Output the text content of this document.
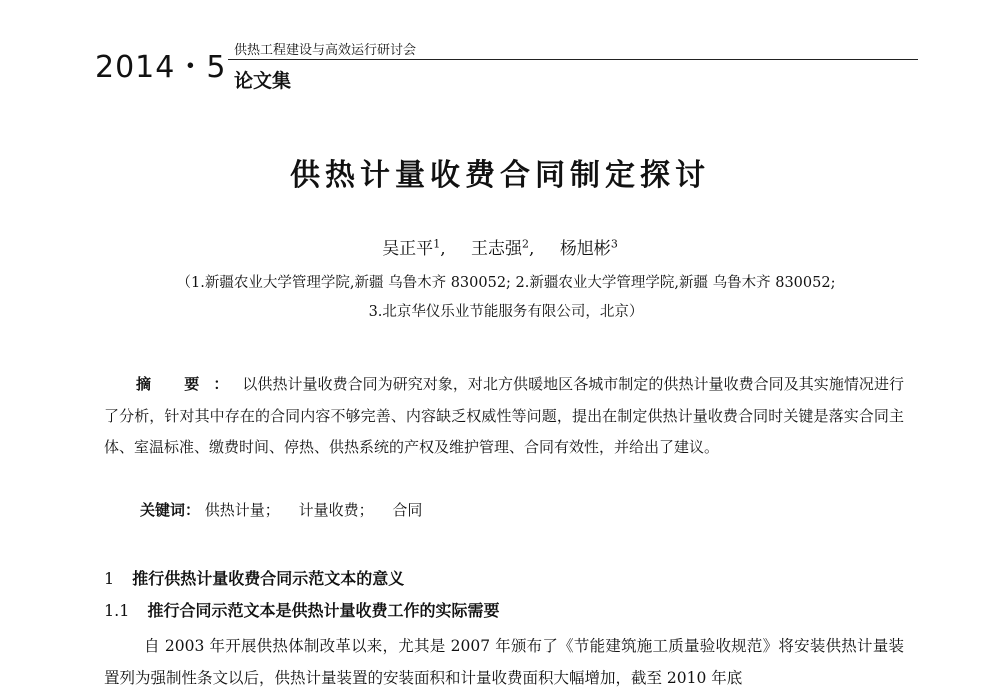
2014・5 供热工程建设与高效运行研讨会
论文集
供热计量收费合同制定探讨
吴正平$^1$, 王志强$^2$, 杨旭彬$^3$
（1.新疆农业大学管理学院,新疆 乌鲁木齐 830052; 2.新疆农业大学管理学院,新疆 乌鲁木齐 830052;
3.北京华仪乐业节能服务有限公司，北京）
摘 要：以供热计量收费合同为研究对象，对北方供暖地区各城市制定的供热计量收费合同及其实施情况进行了分析，针对其中存在的合同内容不够完善、内容缺乏权威性等问题，提出在制定供热计量收费合同时关键是落实合同主体、室温标准、缴费时间、停热、供热系统的产权及维护管理、合同有效性，并给出了建议。
关键词： 供热计量； 计量收费； 合同
1 推行供热计量收费合同示范文本的意义
1.1 推行合同示范文本是供热计量收费工作的实际需要
自 2003 年开展供热体制改革以来，尤其是 2007 年颁布了《节能建筑施工质量验收规范》将安装供热计量装置列为强制性条文以后，供热计量装置的安装面积和计量收费面积大幅增加，截至 2010 年底
